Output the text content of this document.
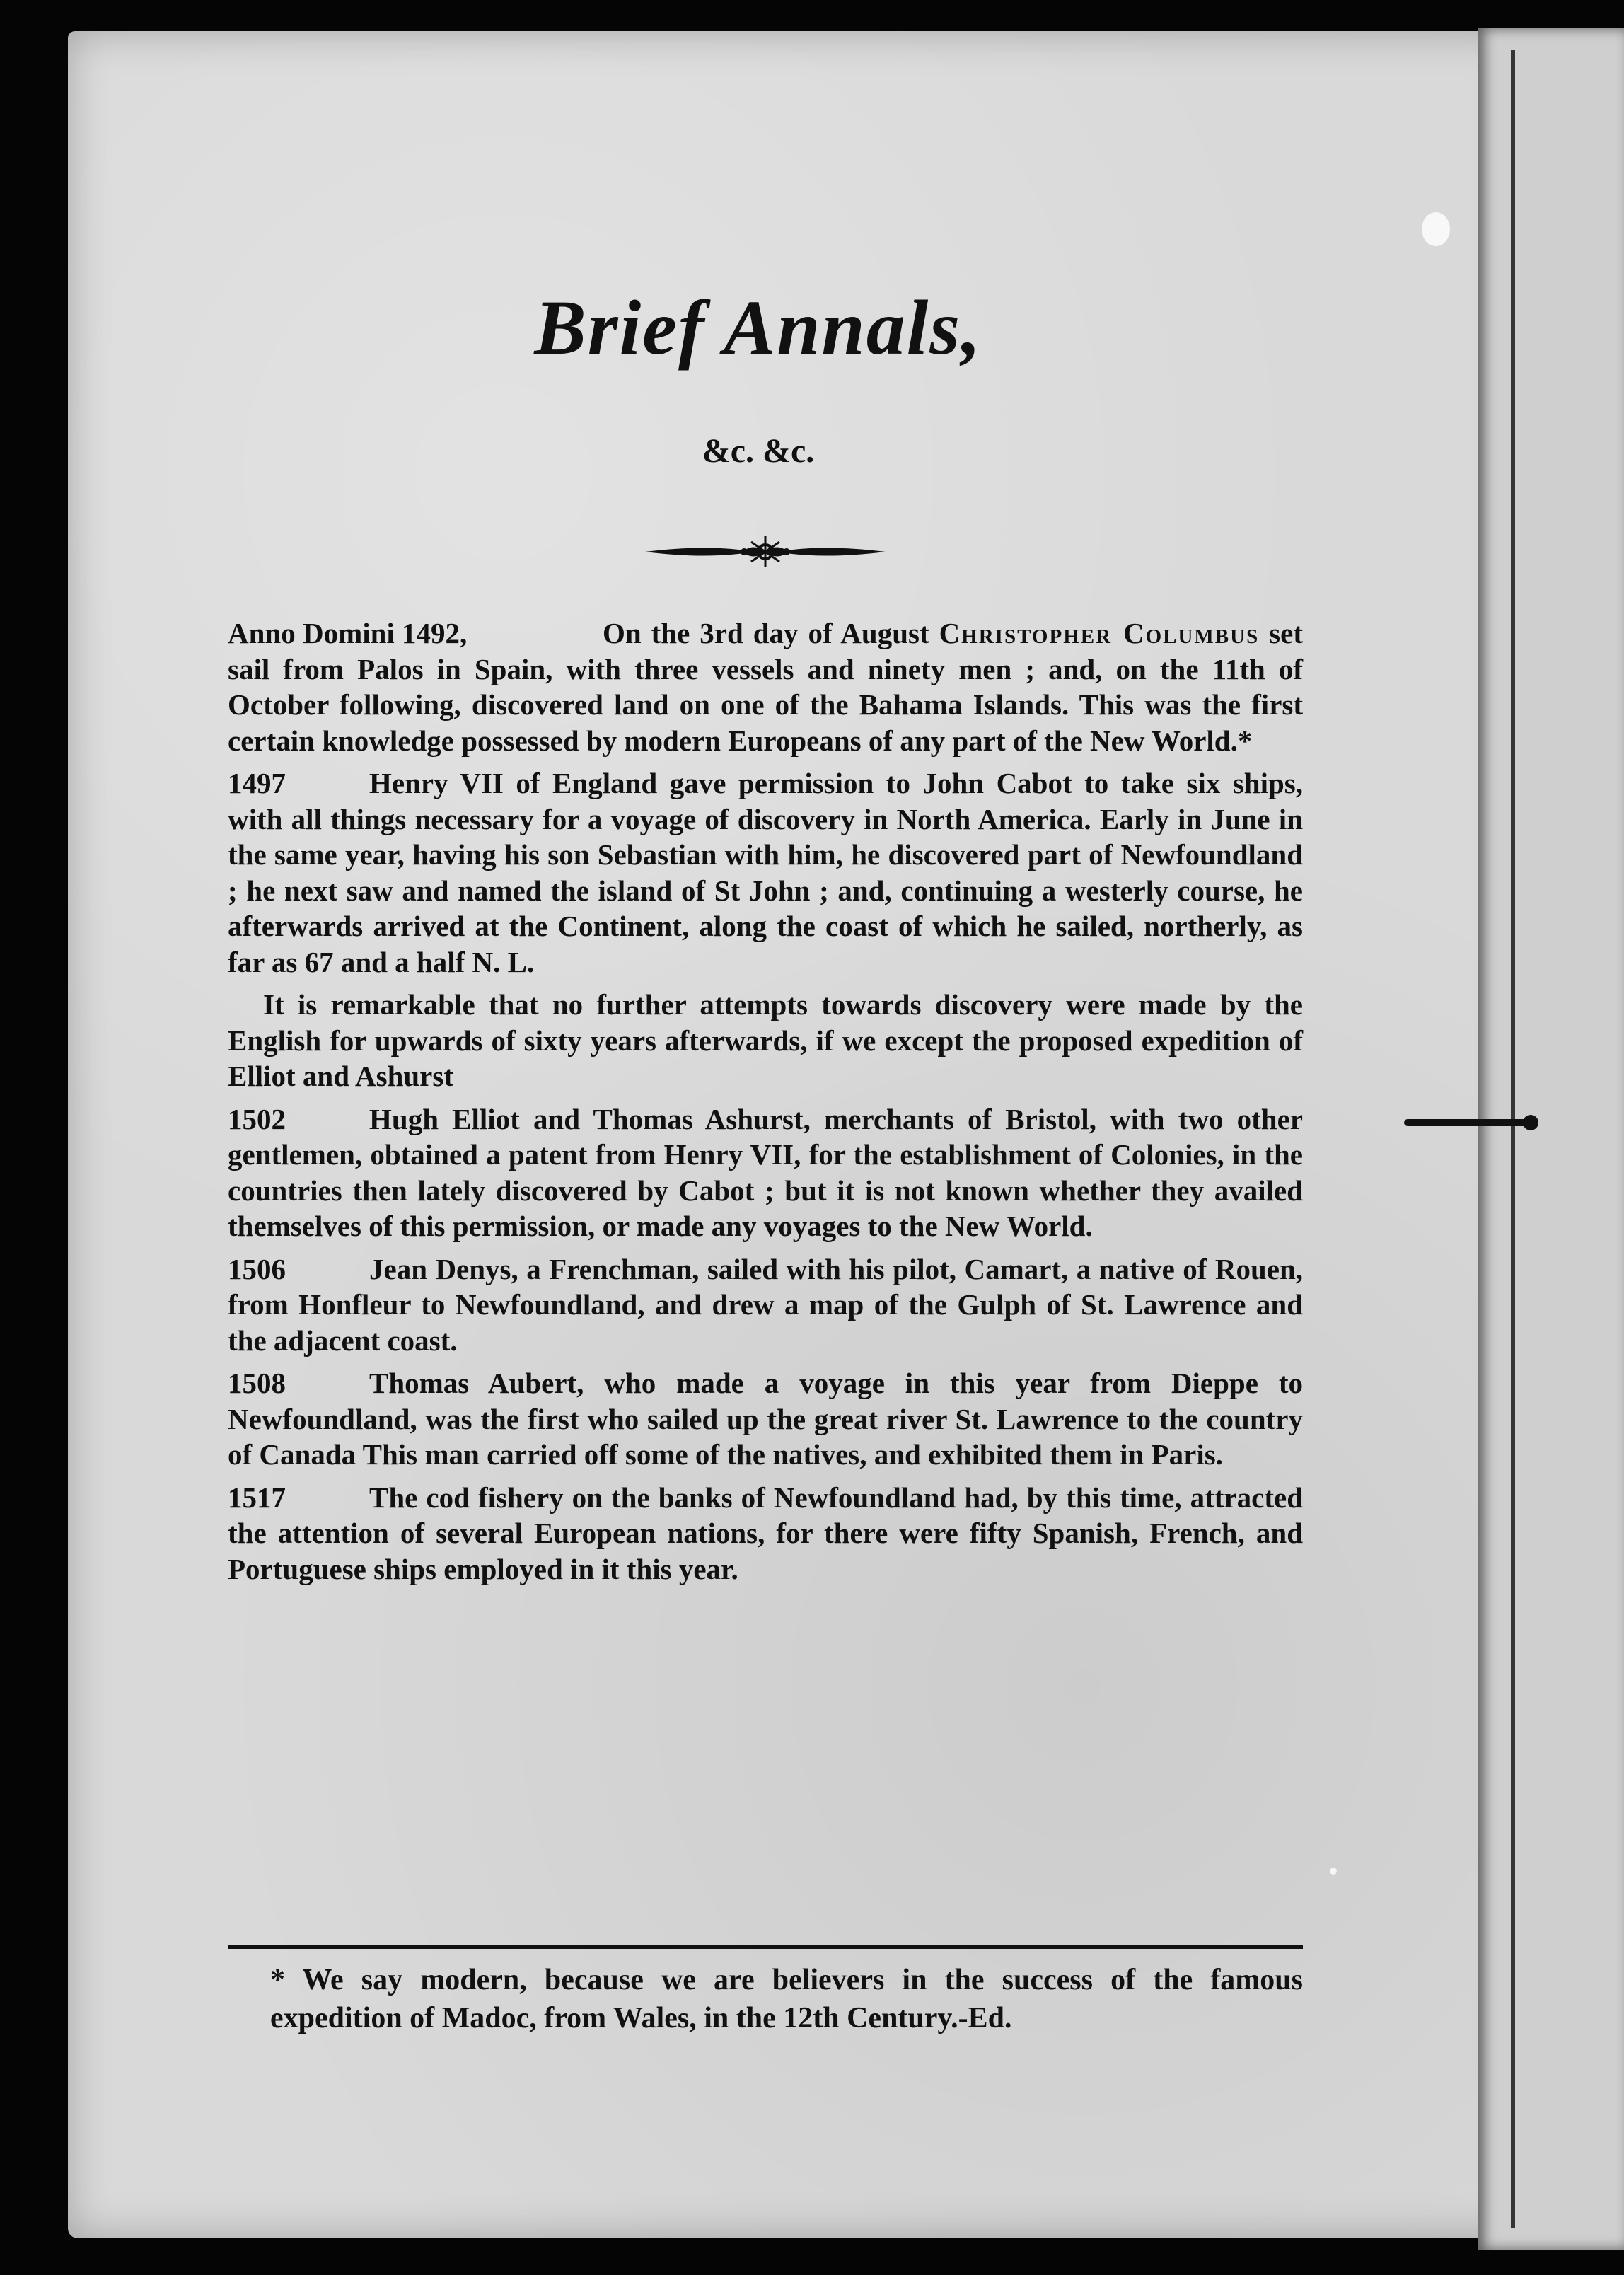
Brief Annals,
&c. &c.

Anno Domini 1492,	On the 3rd day of August Christopher Columbus set sail from Palos in Spain, with three vessels and ninety men ; and, on the 11th of October following, discovered land on one of the Bahama Islands. This was the first certain knowledge possessed by modern Europeans of any part of the New World.*

1497	Henry VII of England gave permission to John Cabot to take six ships, with all things necessary for a voyage of discovery in North America. Early in June in the same year, having his son Sebastian with him, he discovered part of Newfoundland ; he next saw and named the island of St John ; and, continuing a westerly course, he afterwards arrived at the Continent, along the coast of which he sailed, northerly, as far as 67 and a half N. L.

It is remarkable that no further attempts towards discovery were made by the English for upwards of sixty years afterwards, if we except the proposed expedition of Elliot and Ashurst

1502	Hugh Elliot and Thomas Ashurst, merchants of Bristol, with two other gentlemen, obtained a patent from Henry VII, for the establishment of Colonies, in the countries then lately discovered by Cabot ; but it is not known whether they availed themselves of this permission, or made any voyages to the New World.

1506	Jean Denys, a Frenchman, sailed with his pilot, Camart, a native of Rouen, from Honfleur to Newfoundland, and drew a map of the Gulph of St. Lawrence and the adjacent coast.

1508	Thomas Aubert, who made a voyage in this year from Dieppe to Newfoundland, was the first who sailed up the great river St. Lawrence to the country of Canada This man carried off some of the natives, and exhibited them in Paris.

1517	The cod fishery on the banks of Newfoundland had, by this time, attracted the attention of several European nations, for there were fifty Spanish, French, and Portuguese ships employed in it this year.

* We say modern, because we are believers in the success of the famous expedition of Madoc, from Wales, in the 12th Century.-Ed.
